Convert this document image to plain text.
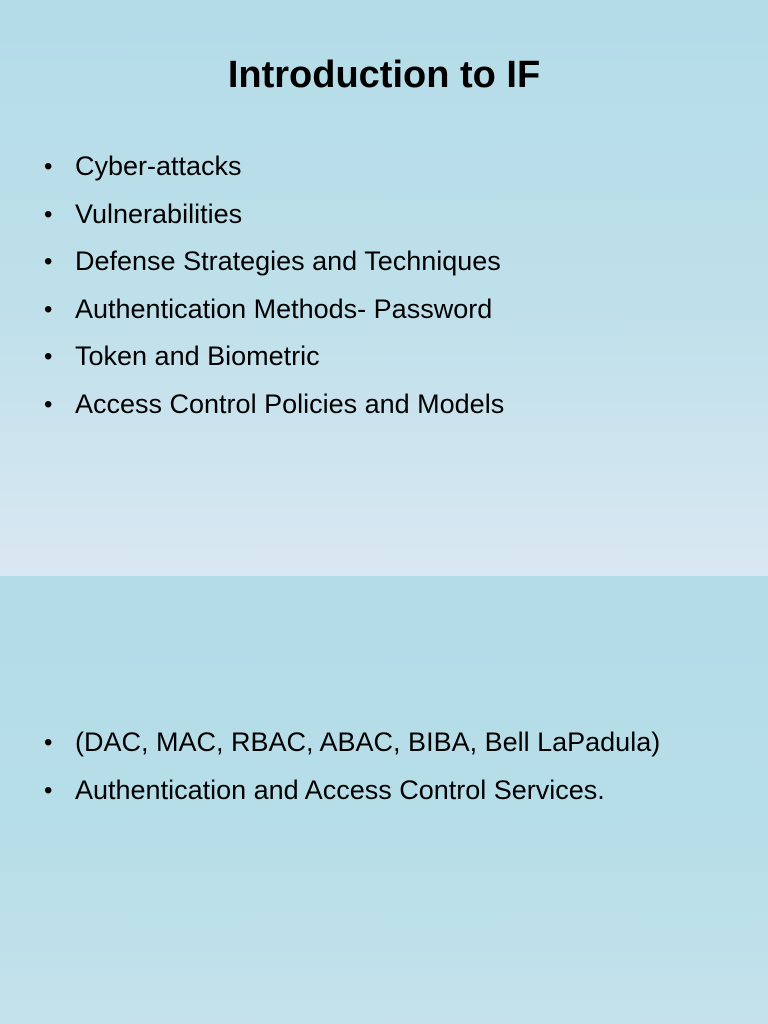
Introduction to IF
• Cyber-attacks
• Vulnerabilities
• Defense Strategies and Techniques
• Authentication Methods- Password
• Token and Biometric
• Access Control Policies and Models
• (DAC, MAC, RBAC, ABAC, BIBA, Bell LaPadula)
• Authentication and Access Control Services.
